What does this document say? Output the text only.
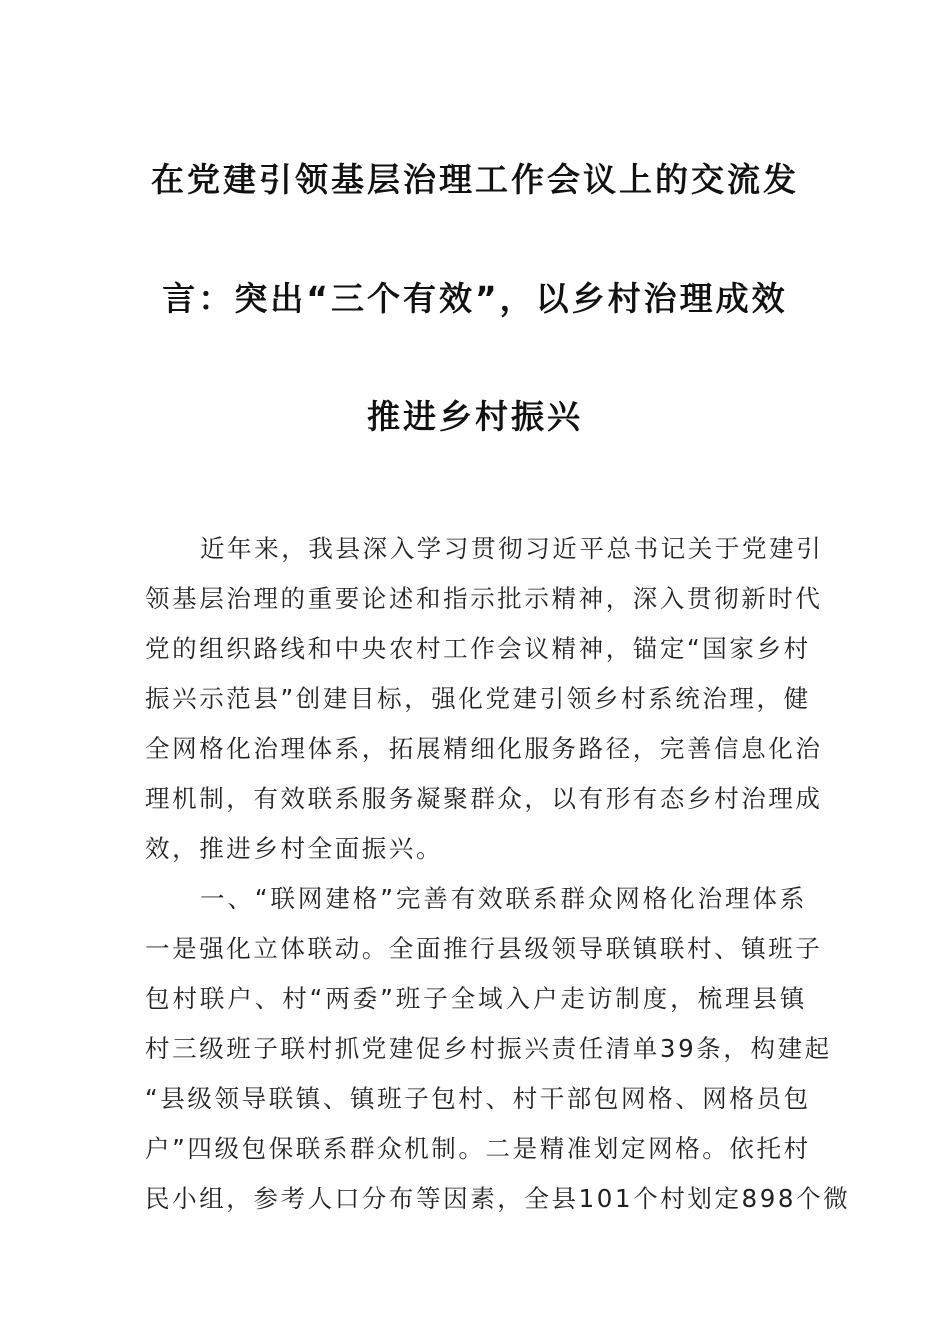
在党建引领基层治理工作会议上的交流发
言：突出“三个有效”，以乡村治理成效
推进乡村振兴
近年来，我县深入学习贯彻习近平总书记关于党建引
领基层治理的重要论述和指示批示精神，深入贯彻新时代
党的组织路线和中央农村工作会议精神，锚定“国家乡村
振兴示范县”创建目标，强化党建引领乡村系统治理，健
全网格化治理体系，拓展精细化服务路径，完善信息化治
理机制，有效联系服务凝聚群众，以有形有态乡村治理成
效，推进乡村全面振兴。
一、“联网建格”完善有效联系群众网格化治理体系
一是强化立体联动。全面推行县级领导联镇联村、镇班子
包村联户、村“两委”班子全域入户走访制度，梳理县镇
村三级班子联村抓党建促乡村振兴责任清单39条，构建起
“县级领导联镇、镇班子包村、村干部包网格、网格员包
户”四级包保联系群众机制。二是精准划定网格。依托村
民小组，参考人口分布等因素，全县101个村划定898个微
